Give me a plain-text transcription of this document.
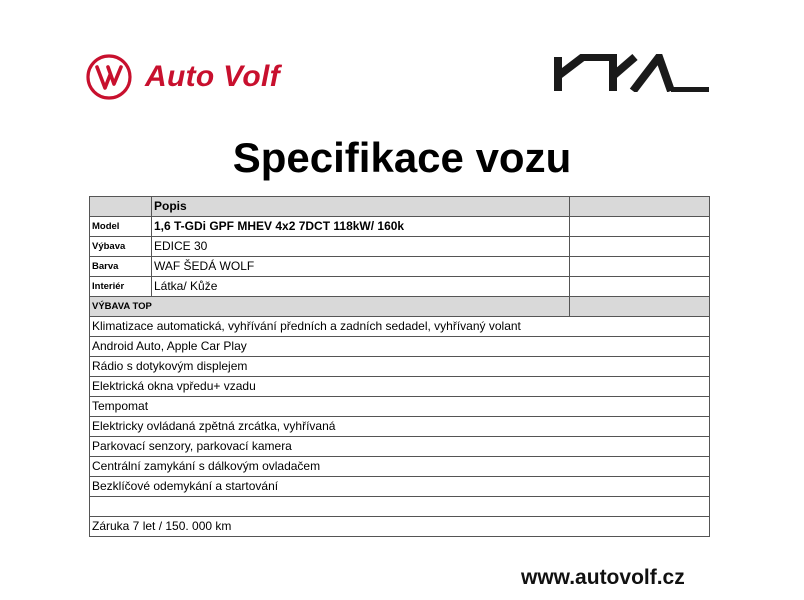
Auto Volf
Specifikace vozu
	Popis	
Model	1,6 T-GDi GPF MHEV 4x2 7DCT 118kW/ 160k	
Výbava	EDICE 30	
Barva	WAF ŠEDÁ WOLF	
Interiér	Látka/ Kůže	
VÝBAVA TOP		
Klimatizace automatická, vyhřívání předních a zadních sedadel, vyhřívaný volant		
Android Auto, Apple Car Play		
Rádio s dotykovým displejem		
Elektrická okna vpředu+ vzadu		
Tempomat		
Elektricky ovládaná zpětná zrcátka, vyhřívaná		
Parkovací senzory, parkovací kamera		
Centrální zamykání s dálkovým ovladačem		
Bezklíčové odemykání a startování		

Záruka 7 let / 150. 000 km		
www.autovolf.cz
